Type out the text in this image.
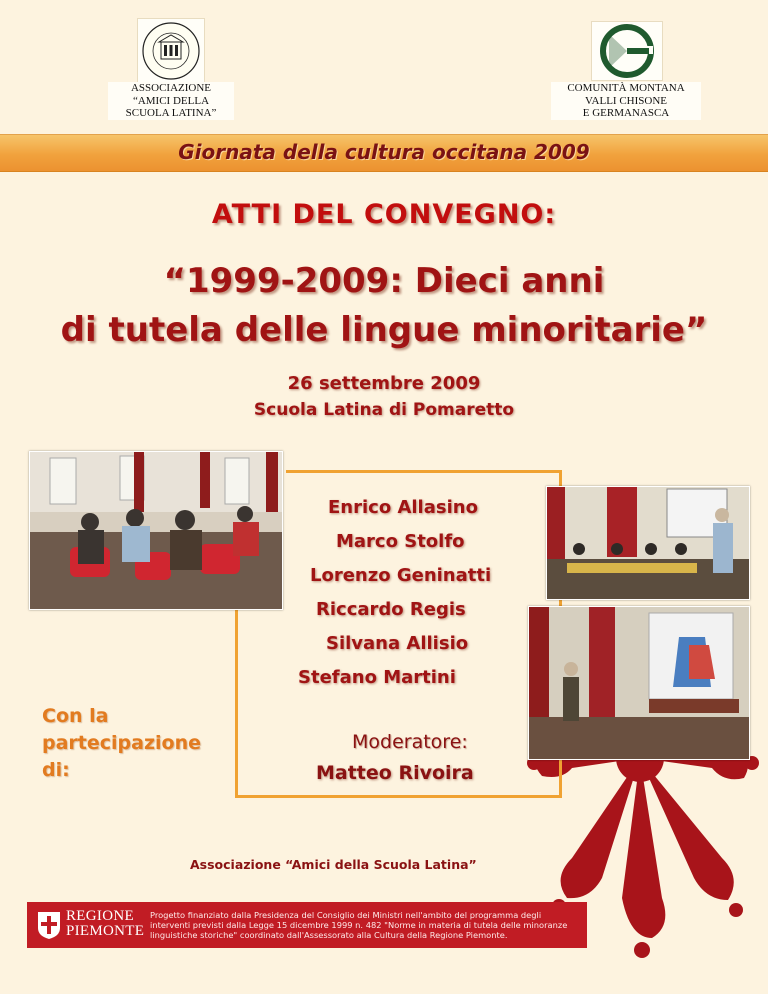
ASSOCIAZIONE
“AMICI DELLA
SCUOLA LATINA”
COMUNITÀ MONTANA
VALLI CHISONE
E GERMANASCA
Giornata della cultura occitana 2009
ATTI DEL CONVEGNO:
“1999-2009: Dieci anni
di tutela delle lingue minoritarie”
26 settembre 2009
Scuola Latina di Pomaretto
Enrico Allasino
Marco Stolfo
Lorenzo Geninatti
Riccardo Regis
Silvana Allisio
Stefano Martini
Con la
partecipazione
di:
Moderatore:
Matteo Rivoira
Associazione “Amici della Scuola Latina”
REGIONE
PIEMONTE
Progetto finanziato dalla Presidenza del Consiglio dei Ministri nell'ambito del programma degli interventi previsti dalla Legge 15 dicembre 1999 n. 482 "Norme in materia di tutela delle minoranze linguistiche storiche" coordinato dall'Assessorato alla Cultura della Regione Piemonte.
